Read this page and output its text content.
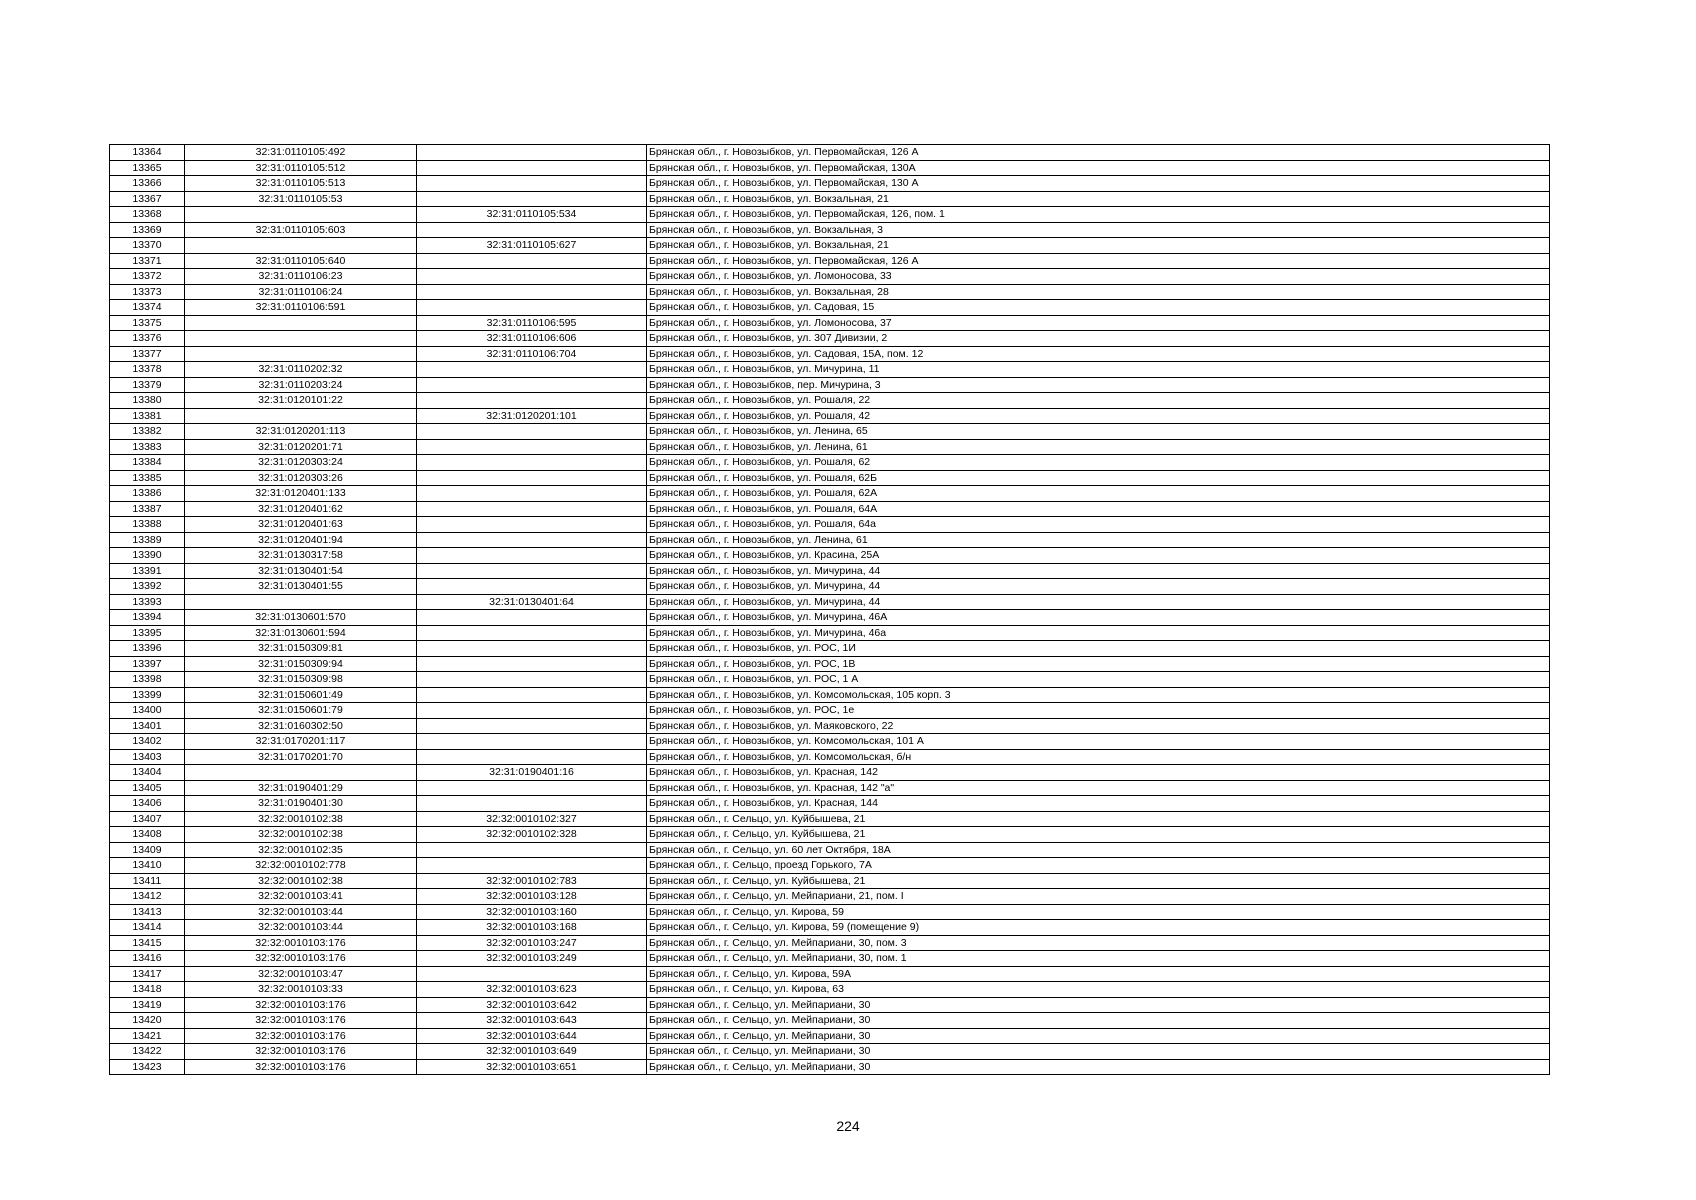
13364	32:31:0110105:492		Брянская обл., г. Новозыбков, ул. Первомайская, 126 А
13365	32:31:0110105:512		Брянская обл., г. Новозыбков, ул. Первомайская, 130А
13366	32:31:0110105:513		Брянская обл., г. Новозыбков, ул. Первомайская, 130 А
13367	32:31:0110105:53		Брянская обл., г. Новозыбков, ул. Вокзальная, 21
13368		32:31:0110105:534	Брянская обл., г. Новозыбков, ул. Первомайская, 126, пом. 1
13369	32:31:0110105:603		Брянская обл., г. Новозыбков, ул. Вокзальная, 3
13370		32:31:0110105:627	Брянская обл., г. Новозыбков, ул. Вокзальная, 21
13371	32:31:0110105:640		Брянская обл., г. Новозыбков, ул. Первомайская, 126 А
13372	32:31:0110106:23		Брянская обл., г. Новозыбков, ул. Ломоносова, 33
13373	32:31:0110106:24		Брянская обл., г. Новозыбков, ул. Вокзальная, 28
13374	32:31:0110106:591		Брянская обл., г. Новозыбков, ул. Садовая, 15
13375		32:31:0110106:595	Брянская обл., г. Новозыбков, ул. Ломоносова, 37
13376		32:31:0110106:606	Брянская обл., г. Новозыбков, ул. 307 Дивизии, 2
13377		32:31:0110106:704	Брянская обл., г. Новозыбков, ул. Садовая, 15А, пом. 12
13378	32:31:0110202:32		Брянская обл., г. Новозыбков, ул. Мичурина, 11
13379	32:31:0110203:24		Брянская обл., г. Новозыбков, пер. Мичурина, 3
13380	32:31:0120101:22		Брянская обл., г. Новозыбков, ул. Рошаля, 22
13381		32:31:0120201:101	Брянская обл., г. Новозыбков, ул. Рошаля, 42
13382	32:31:0120201:113		Брянская обл., г. Новозыбков, ул. Ленина, 65
13383	32:31:0120201:71		Брянская обл., г. Новозыбков, ул. Ленина, 61
13384	32:31:0120303:24		Брянская обл., г. Новозыбков, ул. Рошаля, 62
13385	32:31:0120303:26		Брянская обл., г. Новозыбков, ул. Рошаля, 62Б
13386	32:31:0120401:133		Брянская обл., г. Новозыбков, ул. Рошаля, 62А
13387	32:31:0120401:62		Брянская обл., г. Новозыбков, ул. Рошаля, 64А
13388	32:31:0120401:63		Брянская обл., г. Новозыбков, ул. Рошаля, 64а
13389	32:31:0120401:94		Брянская обл., г. Новозыбков, ул. Ленина, 61
13390	32:31:0130317:58		Брянская обл., г. Новозыбков, ул. Красина, 25А
13391	32:31:0130401:54		Брянская обл., г. Новозыбков, ул. Мичурина, 44
13392	32:31:0130401:55		Брянская обл., г. Новозыбков, ул. Мичурина, 44
13393		32:31:0130401:64	Брянская обл., г. Новозыбков, ул. Мичурина, 44
13394	32:31:0130601:570		Брянская обл., г. Новозыбков, ул. Мичурина, 46А
13395	32:31:0130601:594		Брянская обл., г. Новозыбков, ул. Мичурина, 46а
13396	32:31:0150309:81		Брянская обл., г. Новозыбков, ул. РОС, 1И
13397	32:31:0150309:94		Брянская обл., г. Новозыбков, ул. РОС, 1В
13398	32:31:0150309:98		Брянская обл., г. Новозыбков, ул. РОС, 1 А
13399	32:31:0150601:49		Брянская обл., г. Новозыбков, ул. Комсомольская, 105 корп. 3
13400	32:31:0150601:79		Брянская обл., г. Новозыбков, ул. РОС, 1е
13401	32:31:0160302:50		Брянская обл., г. Новозыбков, ул. Маяковского, 22
13402	32:31:0170201:117		Брянская обл., г. Новозыбков, ул. Комсомольская, 101 А
13403	32:31:0170201:70		Брянская обл., г. Новозыбков, ул. Комсомольская, б/н
13404		32:31:0190401:16	Брянская обл., г. Новозыбков, ул. Красная, 142
13405	32:31:0190401:29		Брянская обл., г. Новозыбков, ул. Красная, 142 "а"
13406	32:31:0190401:30		Брянская обл., г. Новозыбков, ул. Красная, 144
13407	32:32:0010102:38	32:32:0010102:327	Брянская обл., г. Сельцо, ул. Куйбышева, 21
13408	32:32:0010102:38	32:32:0010102:328	Брянская обл., г. Сельцо, ул. Куйбышева, 21
13409	32:32:0010102:35		Брянская обл., г. Сельцо, ул. 60 лет Октября, 18А
13410	32:32:0010102:778		Брянская обл., г. Сельцо, проезд Горького, 7А
13411	32:32:0010102:38	32:32:0010102:783	Брянская обл., г. Сельцо, ул. Куйбышева, 21
13412	32:32:0010103:41	32:32:0010103:128	Брянская обл., г. Сельцо, ул. Мейпариани, 21, пом. I
13413	32:32:0010103:44	32:32:0010103:160	Брянская обл., г. Сельцо, ул. Кирова, 59
13414	32:32:0010103:44	32:32:0010103:168	Брянская обл., г. Сельцо, ул. Кирова, 59 (помещение 9)
13415	32:32:0010103:176	32:32:0010103:247	Брянская обл., г. Сельцо, ул. Мейпариани, 30, пом. 3
13416	32:32:0010103:176	32:32:0010103:249	Брянская обл., г. Сельцо, ул. Мейпариани, 30, пом. 1
13417	32:32:0010103:47		Брянская обл., г. Сельцо, ул. Кирова, 59А
13418	32:32:0010103:33	32:32:0010103:623	Брянская обл., г. Сельцо, ул. Кирова, 63
13419	32:32:0010103:176	32:32:0010103:642	Брянская обл., г. Сельцо, ул. Мейпариани, 30
13420	32:32:0010103:176	32:32:0010103:643	Брянская обл., г. Сельцо, ул. Мейпариани, 30
13421	32:32:0010103:176	32:32:0010103:644	Брянская обл., г. Сельцо, ул. Мейпариани, 30
13422	32:32:0010103:176	32:32:0010103:649	Брянская обл., г. Сельцо, ул. Мейпариани, 30
13423	32:32:0010103:176	32:32:0010103:651	Брянская обл., г. Сельцо, ул. Мейпариани, 30
224
